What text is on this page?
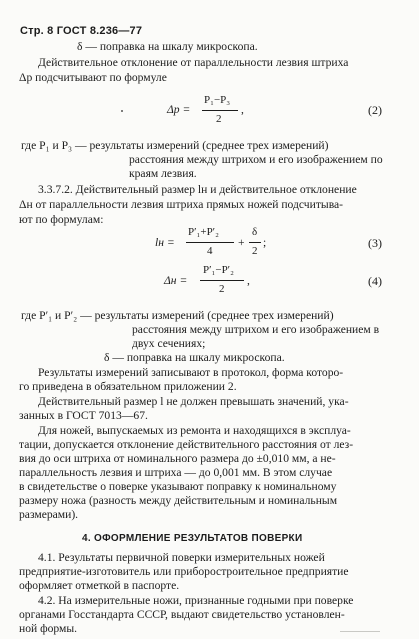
Стр. 8 ГОСТ 8.236—77
δ — поправка на шкалу микроскопа.
Действительное отклонение от параллельности лезвия штриха
Δр подсчитывают по формуле
Δр =
P₁−P₃
2
,	(2)
где P₁ и P₃ — результаты измерений (среднее трех измерений)
расстояния между штрихом и его изображением по
краям лезвия.
3.3.7.2. Действительный размер lн и действительное отклонение
Δн от параллельности лезвия штриха прямых ножей подсчитыва-
ют по формулам:
lн =
P′₁+P′₂
4
+
δ
2
;	(3)
Δн =
P′₁−P′₂
2
,	(4)
где P′₁ и P′₂ — результаты измерений (среднее трех измерений)
расстояния между штрихом и его изображением в
двух сечениях;
δ — поправка на шкалу микроскопа.
Результаты измерений записывают в протокол, форма которо-
го приведена в обязательном приложении 2.
Действительный размер l не должен превышать значений, ука-
занных в ГОСТ 7013—67.
Для ножей, выпускаемых из ремонта и находящихся в эксплуа-
тации, допускается отклонение действительного расстояния от лез-
вия до оси штриха от номинального размера до ±0,010 мм, а не-
параллельность лезвия и штриха — до 0,001 мм. В этом случае
в свидетельстве о поверке указывают поправку к номинальному
размеру ножа (разность между действительным и номинальным
размерами).
4. ОФОРМЛЕНИЕ РЕЗУЛЬТАТОВ ПОВЕРКИ
4.1. Результаты первичной поверки измерительных ножей
предприятие-изготовитель или приборостроительное предприятие
оформляет отметкой в паспорте.
4.2. На измерительные ножи, признанные годными при поверке
органами Госстандарта СССР, выдают свидетельство установлен-
ной формы.
